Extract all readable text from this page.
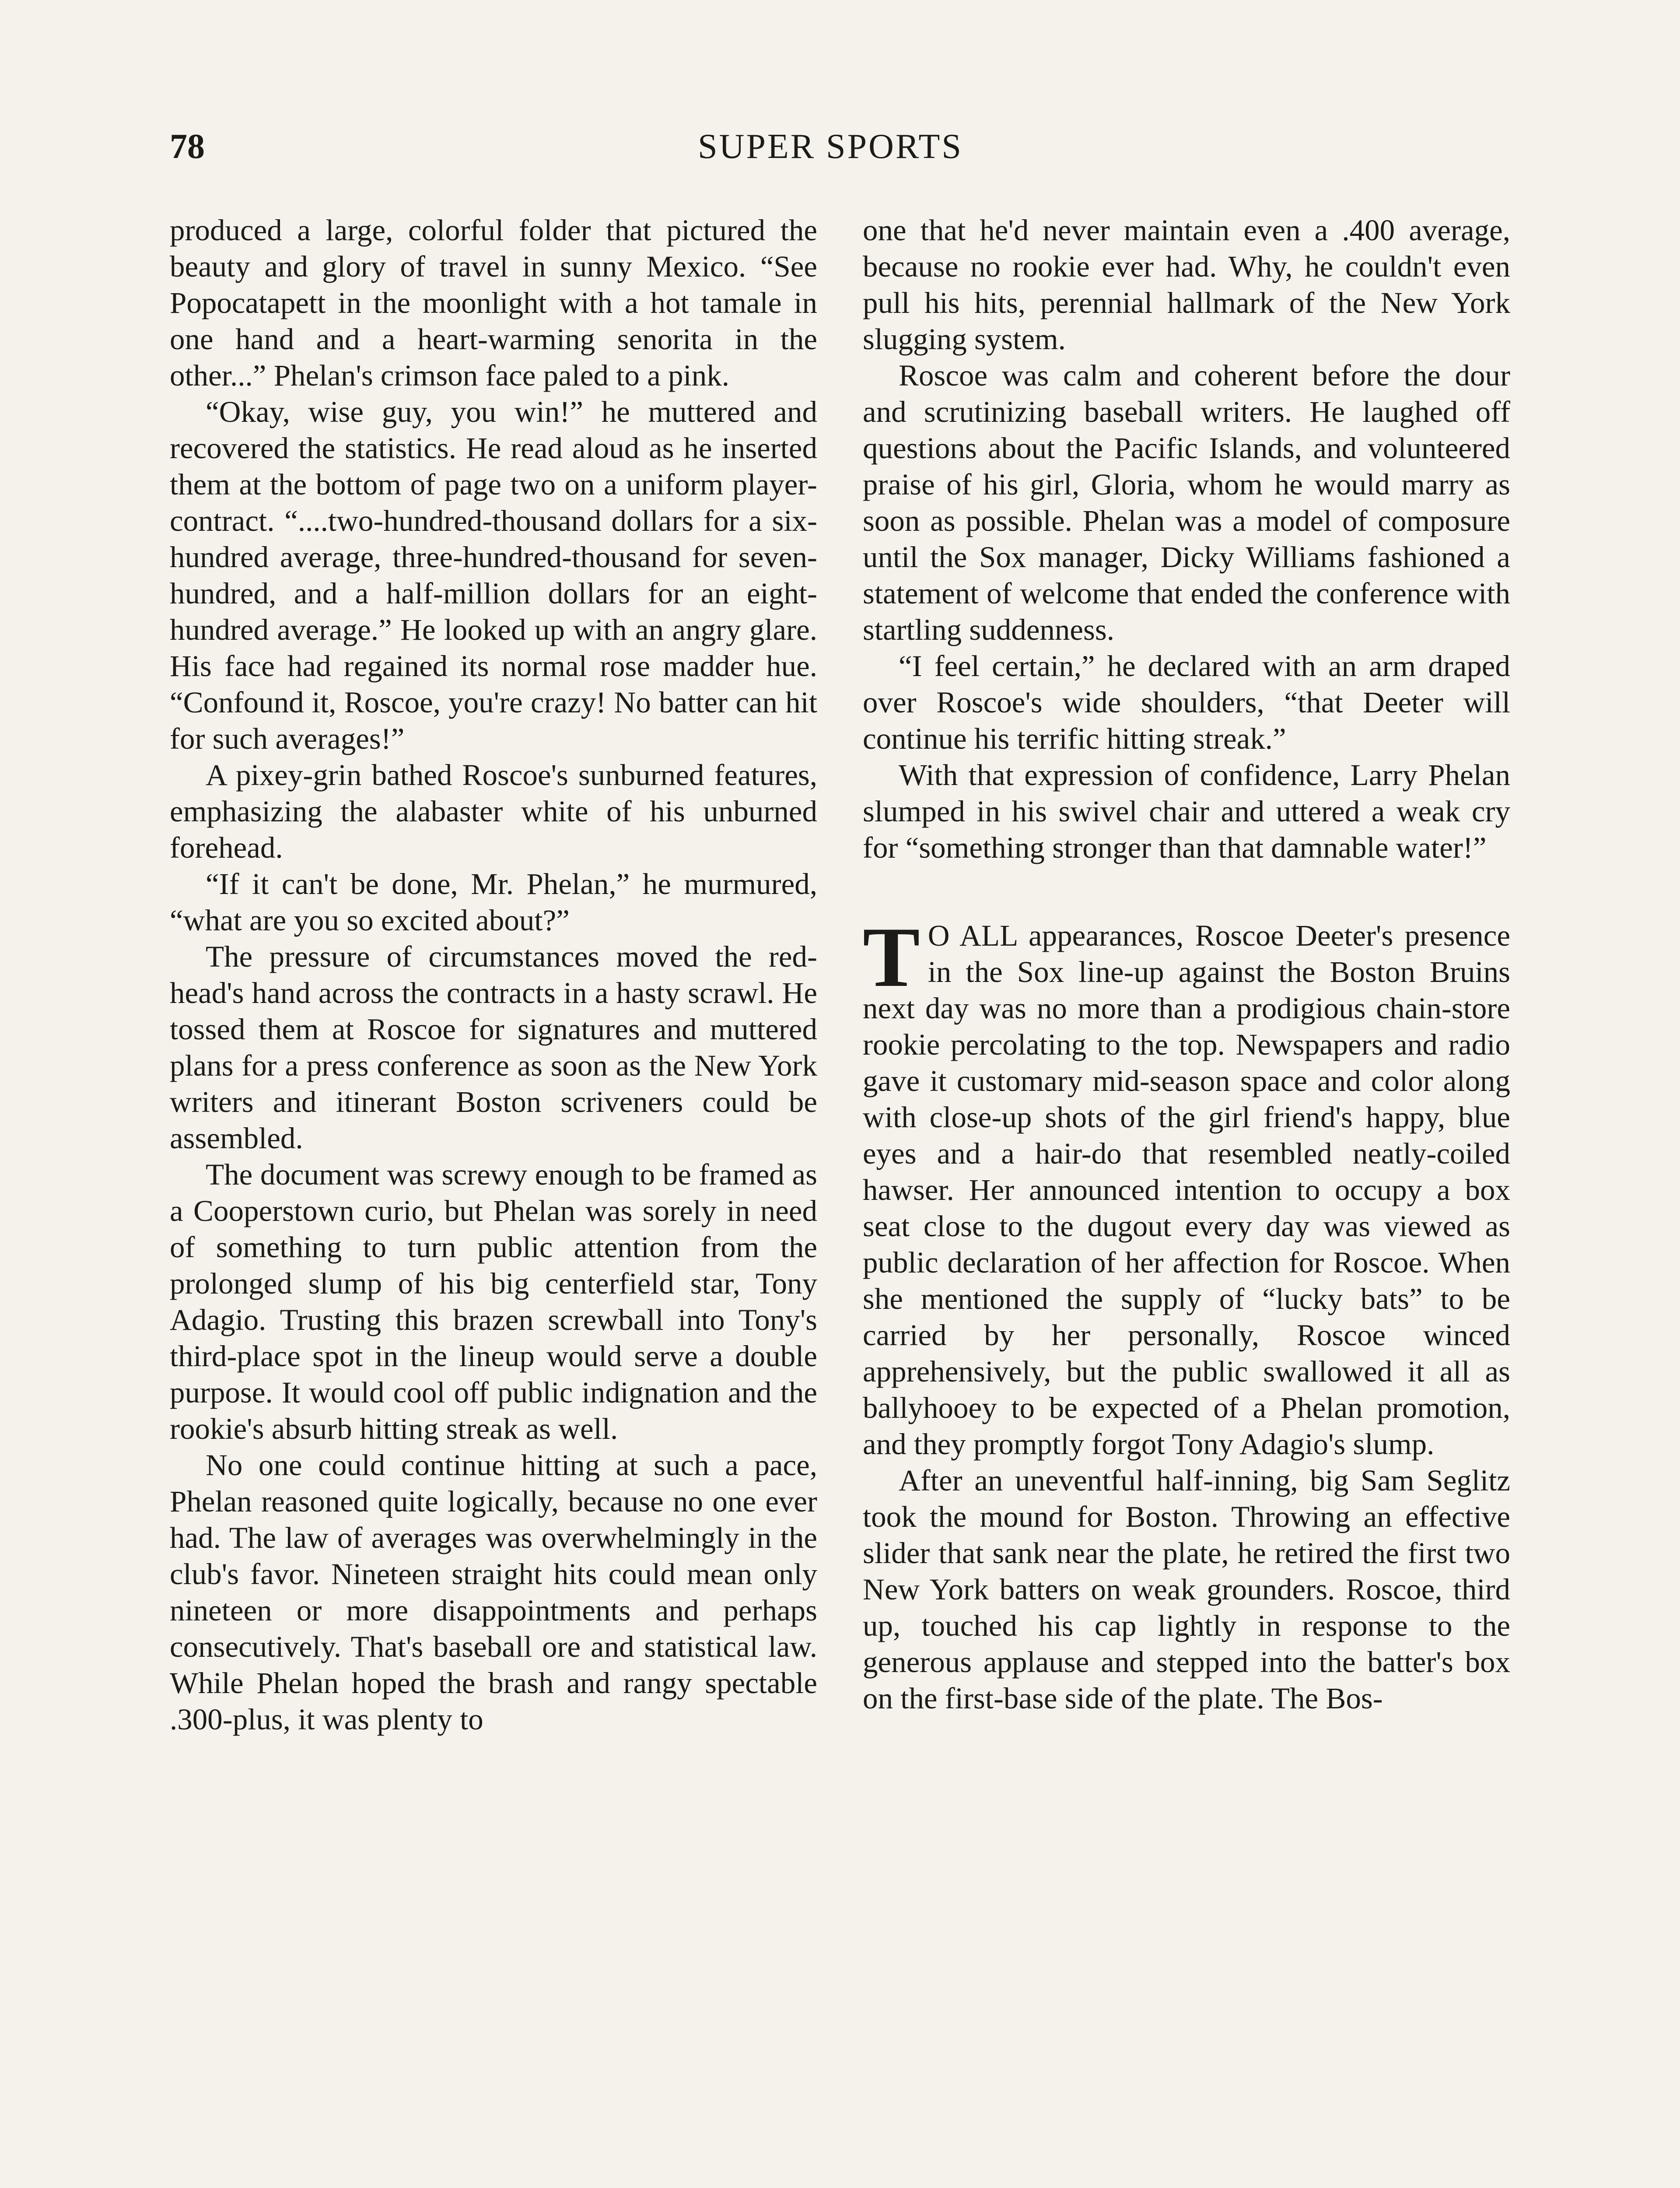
78	SUPER SPORTS

produced a large, colorful folder that pictured the beauty and glory of travel in sunny Mexico. “See Popocatapett in the moonlight with a hot tamale in one hand and a heart-warming senorita in the other...” Phelan's crimson face paled to a pink.

“Okay, wise guy, you win!” he muttered and recovered the statistics. He read aloud as he inserted them at the bottom of page two on a uniform player-contract. “....two-hundred-thousand dollars for a six-hundred average, three-hundred-thousand for seven-hundred, and a half-million dollars for an eight-hundred average.” He looked up with an angry glare. His face had regained its normal rose madder hue. “Confound it, Roscoe, you're crazy! No batter can hit for such averages!”

A pixey-grin bathed Roscoe's sunburned features, emphasizing the alabaster white of his unburned forehead.

“If it can't be done, Mr. Phelan,” he murmured, “what are you so excited about?”

The pressure of circumstances moved the red-head's hand across the contracts in a hasty scrawl. He tossed them at Roscoe for signatures and muttered plans for a press conference as soon as the New York writers and itinerant Boston scriveners could be assembled.

The document was screwy enough to be framed as a Cooperstown curio, but Phelan was sorely in need of something to turn public attention from the prolonged slump of his big centerfield star, Tony Adagio. Trusting this brazen screwball into Tony's third-place spot in the lineup would serve a double purpose. It would cool off public indignation and the rookie's absurb hitting streak as well.

No one could continue hitting at such a pace, Phelan reasoned quite logically, because no one ever had. The law of averages was overwhelmingly in the club's favor. Nineteen straight hits could mean only nineteen or more disappointments and perhaps consecutively. That's baseball ore and statistical law. While Phelan hoped the brash and rangy spectable .300-plus, it was plenty to

one that he'd never maintain even a .400 average, because no rookie ever had. Why, he couldn't even pull his hits, perennial hallmark of the New York slugging system.

Roscoe was calm and coherent before the dour and scrutinizing baseball writers. He laughed off questions about the Pacific Islands, and volunteered praise of his girl, Gloria, whom he would marry as soon as possible. Phelan was a model of composure until the Sox manager, Dicky Williams fashioned a statement of welcome that ended the conference with startling suddenness.

“I feel certain,” he declared with an arm draped over Roscoe's wide shoulders, “that Deeter will continue his terrific hitting streak.”

With that expression of confidence, Larry Phelan slumped in his swivel chair and uttered a weak cry for “something stronger than that damnable water!”

T O ALL appearances, Roscoe Deeter's presence in the Sox line-up against the Boston Bruins next day was no more than a prodigious chain-store rookie percolating to the top. Newspapers and radio gave it customary mid-season space and color along with close-up shots of the girl friend's happy, blue eyes and a hair-do that resembled neatly-coiled hawser. Her announced intention to occupy a box seat close to the dugout every day was viewed as public declaration of her affection for Roscoe. When she mentioned the supply of “lucky bats” to be carried by her personally, Roscoe winced apprehensively, but the public swallowed it all as ballyhooey to be expected of a Phelan promotion, and they promptly forgot Tony Adagio's slump.

After an uneventful half-inning, big Sam Seglitz took the mound for Boston. Throwing an effective slider that sank near the plate, he retired the first two New York batters on weak grounders. Roscoe, third up, touched his cap lightly in response to the generous applause and stepped into the batter's box on the first-base side of the plate. The Bos-
